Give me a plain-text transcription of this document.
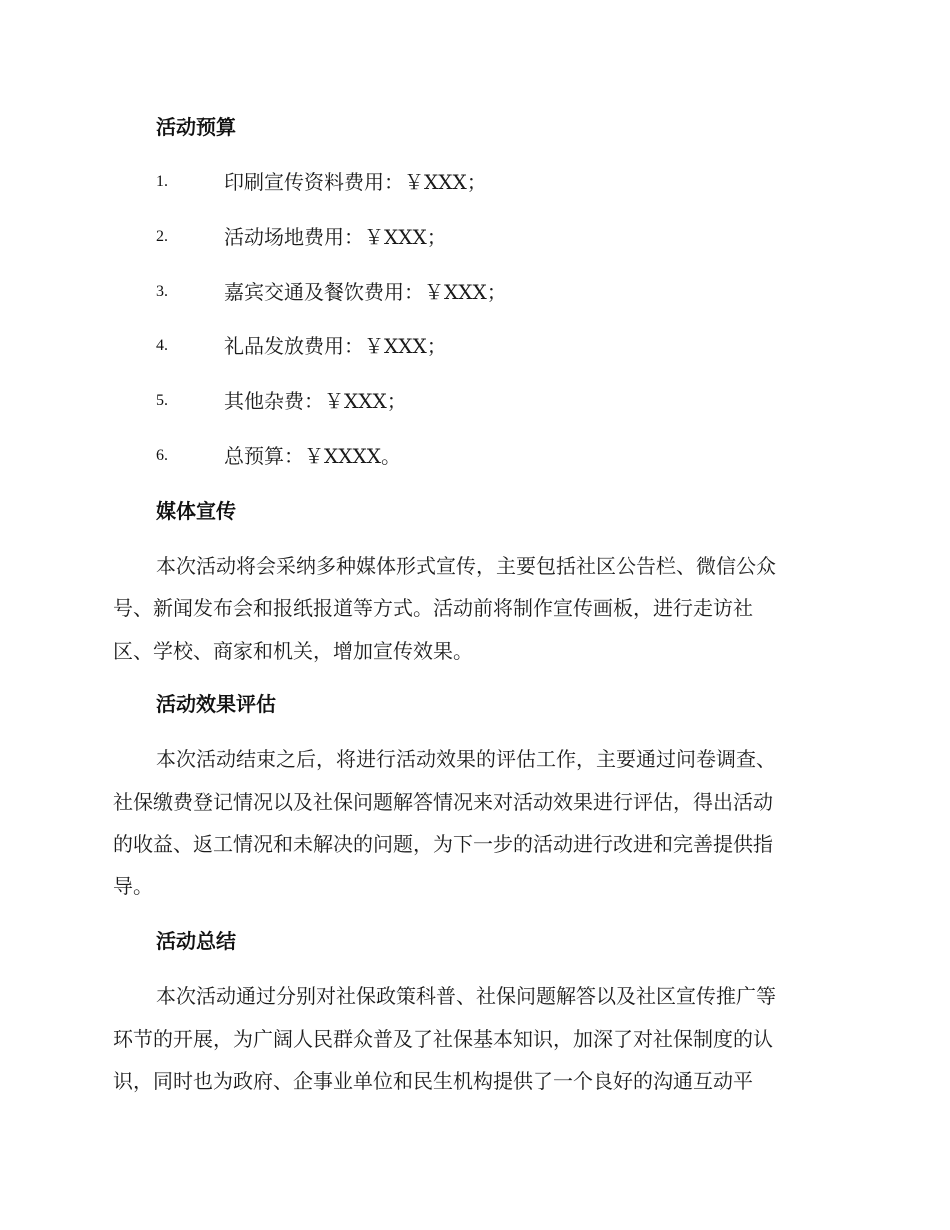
活动预算
1.	印刷宣传资料费用：￥XXX；
2.	活动场地费用：￥XXX；
3.	嘉宾交通及餐饮费用：￥XXX；
4.	礼品发放费用：￥XXX；
5.	其他杂费：￥XXX；
6.	总预算：￥XXXX。
媒体宣传
本次活动将会采纳多种媒体形式宣传，主要包括社区公告栏、微信公众
号、新闻发布会和报纸报道等方式。活动前将制作宣传画板，进行走访社
区、学校、商家和机关，增加宣传效果。
活动效果评估
本次活动结束之后，将进行活动效果的评估工作，主要通过问卷调查、
社保缴费登记情况以及社保问题解答情况来对活动效果进行评估，得出活动
的收益、返工情况和未解决的问题，为下一步的活动进行改进和完善提供指
导。
活动总结
本次活动通过分别对社保政策科普、社保问题解答以及社区宣传推广等
环节的开展，为广阔人民群众普及了社保基本知识，加深了对社保制度的认
识，同时也为政府、企事业单位和民生机构提供了一个良好的沟通互动平
